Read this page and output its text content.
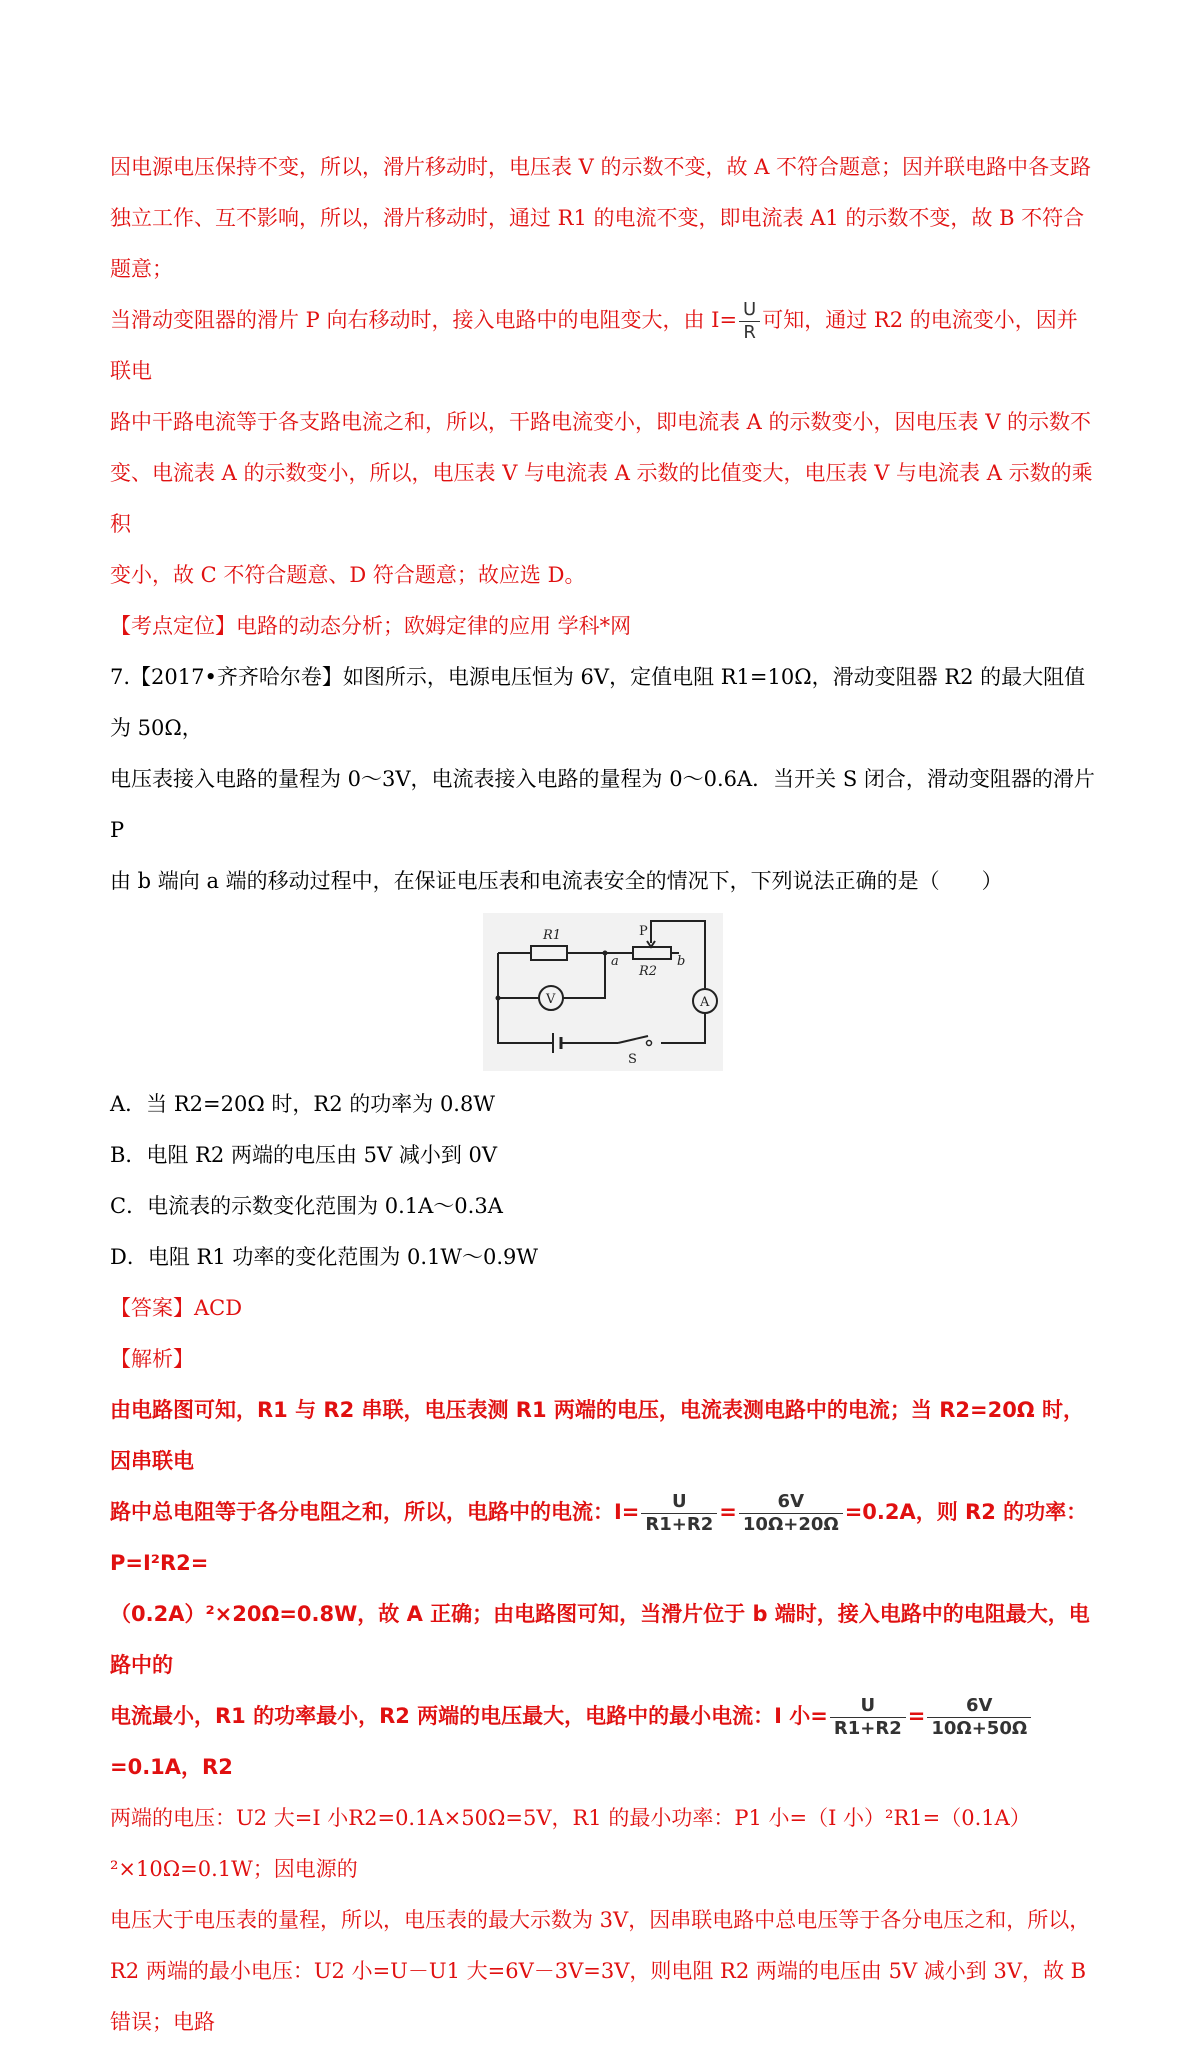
因电源电压保持不变，所以，滑片移动时，电压表 V 的示数不变，故 A 不符合题意；因并联电路中各支路

独立工作、互不影响，所以，滑片移动时，通过 R1 的电流不变，即电流表 A1 的示数不变，故 B 不符合题意；

当滑动变阻器的滑片 P 向右移动时，接入电路中的电阻变大，由 $I= \frac{U}{R}$ 可知，通过 R2 的电流变小，因并联电

路中干路电流等于各支路电流之和，所以，干路电流变小，即电流表 A 的示数变小，因电压表 V 的示数不

变、电流表 A 的示数变小，所以，电压表 V 与电流表 A 示数的比值变大，电压表 V 与电流表 A 示数的乘积

变小，故 C 不符合题意、D 符合题意；故应选 D。

【考点定位】电路的动态分析；欧姆定律的应用 学科*网

7.【2017•齐齐哈尔卷】如图所示，电源电压恒为 6V，定值电阻 R1=10Ω，滑动变阻器 R2 的最大阻值为 50Ω，

电压表接入电路的量程为 0～3V，电流表接入电路的量程为 0～0.6A．当开关 S 闭合，滑动变阻器的滑片 P

由 b 端向 a 端的移动过程中，在保证电压表和电流表安全的情况下，下列说法正确的是（　　）

R1
R2
P
a	b
V	A
S

A．当 R2=20Ω 时，R2 的功率为 0.8W

B．电阻 R2 两端的电压由 5V 减小到 0V

C．电流表的示数变化范围为 0.1A～0.3A

D．电阻 R1 功率的变化范围为 0.1W～0.9W

【答案】ACD

【解析】

由电路图可知，R1 与 R2 串联，电压表测 R1 两端的电压，电流表测电路中的电流；当 R2=20Ω 时，因串联电

路中总电阻等于各分电阻之和，所以，电路中的电流：$I= \frac{U}{R1+R2} = \frac{6V}{10\Omega+20\Omega} =0.2A$，则 R2 的功率：P=I²R2=

（0.2A）²×20Ω=0.8W，故 A 正确；由电路图可知，当滑片位于 b 端时，接入电路中的电阻最大，电路中的

电流最小，R1 的功率最小，R2 两端的电压最大，电路中的最小电流：I 小= $\frac{U}{R1+R2} = \frac{6V}{10\Omega+50\Omega}$
=0.1A，R2

两端的电压：U2 大=I 小R2=0.1A×50Ω=5V，R1 的最小功率：P1 小=（I 小）²R1=（0.1A）²×10Ω=0.1W；因电源的

电压大于电压表的量程，所以，电压表的最大示数为 3V，因串联电路中总电压等于各分电压之和，所以，

R2 两端的最小电压：U2 小=U－U1 大=6V－3V=3V，则电阻 R2 两端的电压由 5V 减小到 3V，故 B 错误；电路
